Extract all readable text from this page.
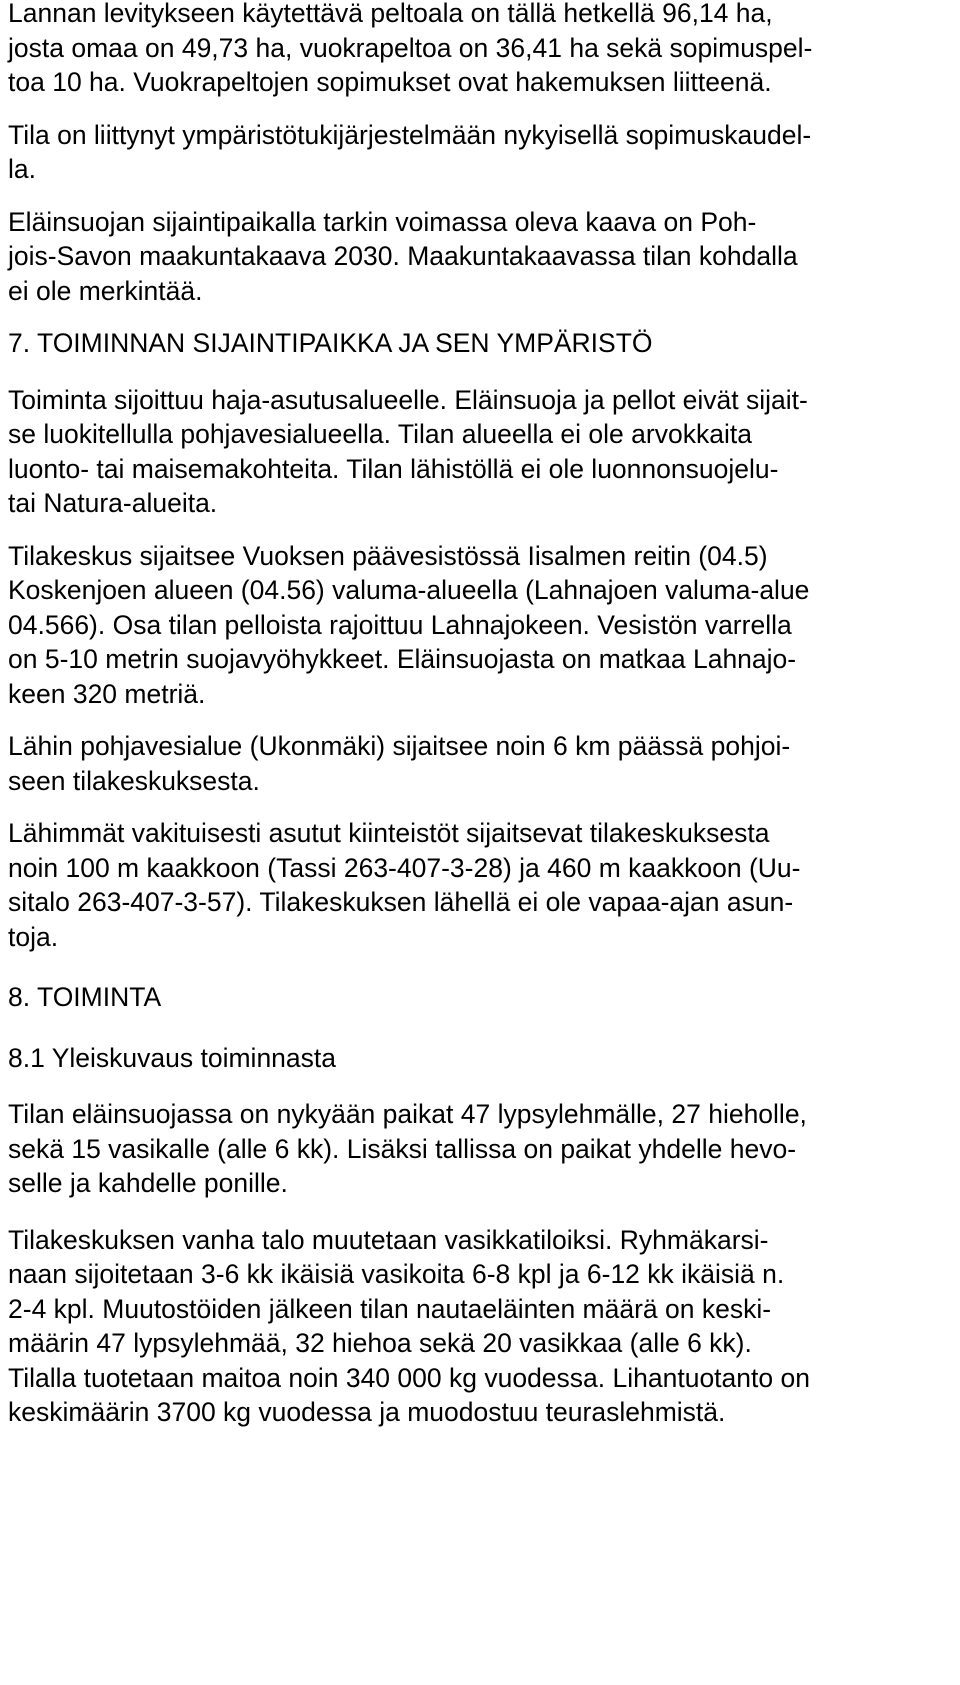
Lannan levitykseen käytettävä peltoala on tällä hetkellä 96,14 ha,
josta omaa on 49,73 ha, vuokrapeltoa on 36,41 ha sekä sopimuspel-
toa 10 ha. Vuokrapeltojen sopimukset ovat hakemuksen liitteenä.
Tila on liittynyt ympäristötukijärjestelmään nykyisellä sopimuskaudel-
la.
Eläinsuojan sijaintipaikalla tarkin voimassa oleva kaava on Poh-
jois-Savon maakuntakaava 2030. Maakuntakaavassa tilan kohdalla
ei ole merkintää.
7. TOIMINNAN SIJAINTIPAIKKA JA SEN YMPÄRISTÖ
Toiminta sijoittuu haja-asutusalueelle. Eläinsuoja ja pellot eivät sijait-
se luokitellulla pohjavesialueella. Tilan alueella ei ole arvokkaita
luonto- tai maisemakohteita. Tilan lähistöllä ei ole luonnonsuojelu-
tai Natura-alueita.
Tilakeskus sijaitsee Vuoksen päävesistössä Iisalmen reitin (04.5)
Koskenjoen alueen (04.56) valuma-alueella (Lahnajoen valuma-alue
04.566). Osa tilan pelloista rajoittuu Lahnajokeen. Vesistön varrella
on 5-10 metrin suojavyöhykkeet. Eläinsuojasta on matkaa Lahnajo-
keen 320 metriä.
Lähin pohjavesialue (Ukonmäki) sijaitsee noin 6 km päässä pohjoi-
seen tilakeskuksesta.
Lähimmät vakituisesti asutut kiinteistöt sijaitsevat tilakeskuksesta
noin 100 m kaakkoon (Tassi 263-407-3-28) ja 460 m kaakkoon (Uu-
sitalo 263-407-3-57). Tilakeskuksen lähellä ei ole vapaa-ajan asun-
toja.
8. TOIMINTA
8.1 Yleiskuvaus toiminnasta
Tilan eläinsuojassa on nykyään paikat 47 lypsylehmälle, 27 hieholle,
sekä 15 vasikalle (alle 6 kk). Lisäksi tallissa on paikat yhdelle hevo-
selle ja kahdelle ponille.
Tilakeskuksen vanha talo muutetaan vasikkatiloiksi. Ryhmäkarsi-
naan sijoitetaan 3-6 kk ikäisiä vasikoita 6-8 kpl ja 6-12 kk ikäisiä n.
2-4 kpl. Muutostöiden jälkeen tilan nautaeläinten määrä on keski-
määrin 47 lypsylehmää, 32 hiehoa sekä 20 vasikkaa (alle 6 kk).
Tilalla tuotetaan maitoa noin 340 000 kg vuodessa. Lihantuotanto on
keskimäärin 3700 kg vuodessa ja muodostuu teuraslehmistä.
